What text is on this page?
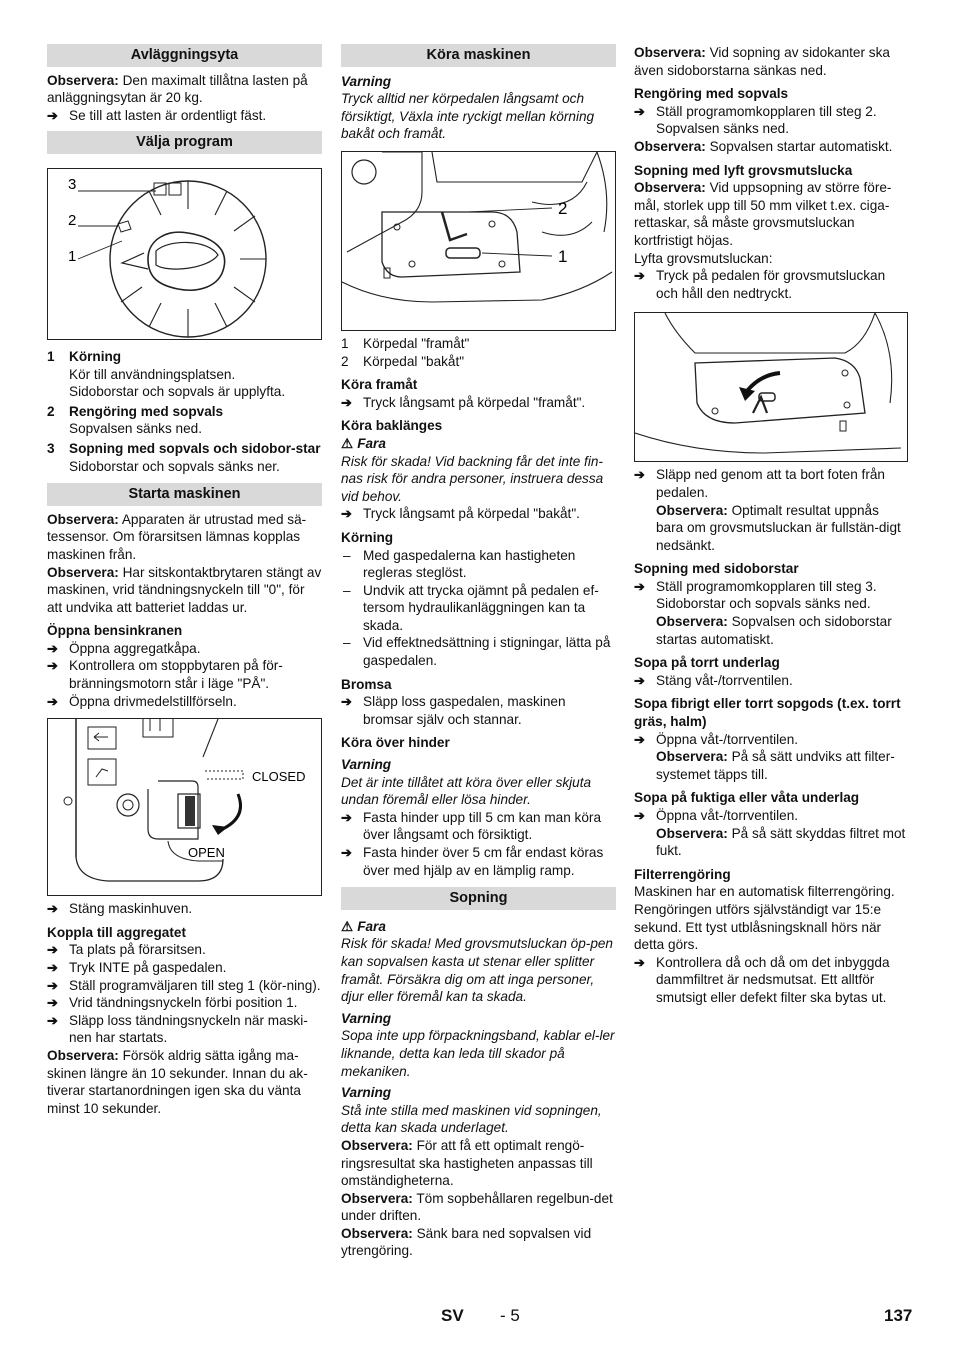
Avläggningsyta

Observera: Den maximalt tillåtna lasten på anläggningsytan är 20 kg.

➔ Se till att lasten är ordentligt fäst.

Välja program
3
2
1

1 Körning

Kör till användningsplatsen.

Sidoborstar och sopvals är upplyfta.

2 Rengöring med sopvals

Sopvalsen sänks ned.

3 Sopning med sopvals och sidobor-star

Sidoborstar och sopvals sänks ner.

Starta maskinen

Observera: Apparaten är utrustad med sä-tessensor. Om förarsitsen lämnas kopplas maskinen från.

Observera: Har sitskontaktbrytaren stängt av maskinen, vrid tändningsnyckeln till "0", för att undvika att batteriet laddas ur.

Öppna bensinkranen

➔ Öppna aggregatkåpa.

➔ Kontrollera om stoppbytaren på för-bränningsmotorn står i läge "PÅ".

➔ Öppna drivmedelstillförseln.

CLOSED
OPEN

➔ Stäng maskinhuven.

Koppla till aggregatet

➔ Ta plats på förarsitsen.

➔ Tryk INTE på gaspedalen.

➔ Ställ programväljaren till steg 1 (kör-ning).

➔ Vrid tändningsnyckeln förbi position 1.

➔ Släpp loss tändningsnyckeln när maski-nen har startats.

Observera: Försök aldrig sätta igång ma-skinen längre än 10 sekunder. Innan du ak-tiverar startanordningen igen ska du vänta minst 10 sekunder.

Köra maskinen

Varning

Tryck alltid ner körpedalen långsamt och försiktigt, Växla inte ryckigt mellan körning bakåt och framåt.

2
1

1 Körpedal "framåt"

2 Körpedal "bakåt"

Köra framåt

➔ Tryck långsamt på körpedal "framåt".

Köra baklänges

⚠ Fara

Risk för skada! Vid backning får det inte fin-nas risk för andra personer, instruera dessa vid behov.

➔ Tryck långsamt på körpedal "bakåt".

Körning

– Med gaspedalerna kan hastigheten regleras steglöst.

– Undvik att trycka ojämnt på pedalen ef-tersom hydraulikanläggningen kan ta skada.

– Vid effektnedsättning i stigningar, lätta på gaspedalen.

Bromsa

➔ Släpp loss gaspedalen, maskinen bromsar själv och stannar.

Köra över hinder

Varning

Det är inte tillåtet att köra över eller skjuta undan föremål eller lösa hinder.

➔ Fasta hinder upp till 5 cm kan man köra över långsamt och försiktigt.

➔ Fasta hinder över 5 cm får endast köras över med hjälp av en lämplig ramp.

Sopning

⚠ Fara

Risk för skada! Med grovsmutsluckan öp-pen kan sopvalsen kasta ut stenar eller splitter framåt. Försäkra dig om att inga personer, djur eller föremål kan ta skada.

Varning

Sopa inte upp förpackningsband, kablar el-ler liknande, detta kan leda till skador på mekaniken.

Varning

Stå inte stilla med maskinen vid sopningen, detta kan skada underlaget.

Observera: För att få ett optimalt rengö-ringsresultat ska hastigheten anpassas till omständigheterna.

Observera: Töm sopbehållaren regelbun-det under driften.

Observera: Sänk bara ned sopvalsen vid ytrengöring.

Observera: Vid sopning av sidokanter ska även sidoborstarna sänkas ned.

Rengöring med sopvals

➔ Ställ programomkopplaren till steg 2. Sopvalsen sänks ned.

Observera: Sopvalsen startar automatiskt.

Sopning med lyft grovsmutslucka

Observera: Vid uppsopning av större före-mål, storlek upp till 50 mm vilket t.ex. ciga-rettaskar, så måste grovsmutsluckan kortfristigt höjas.

Lyfta grovsmutsluckan:

➔ Tryck på pedalen för grovsmutsluckan och håll den nedtryckt.

➔ Släpp ned genom att ta bort foten från pedalen.

Observera: Optimalt resultat uppnås bara om grovsmutsluckan är fullstän-digt nedsänkt.

Sopning med sidoborstar

➔ Ställ programomkopplaren till steg 3. Sidoborstar och sopvals sänks ned.

Observera: Sopvalsen och sidoborstar startas automatiskt.

Sopa på torrt underlag

➔ Stäng våt-/torrventilen.

Sopa fibrigt eller torrt sopgods (t.ex. torrt gräs, halm)

➔ Öppna våt-/torrventilen.

Observera: På så sätt undviks att filter-systemet täpps till.

Sopa på fuktiga eller våta underlag

➔ Öppna våt-/torrventilen.

Observera: På så sätt skyddas filtret mot fukt.

Filterrengöring

Maskinen har en automatisk filterrengöring. Rengöringen utförs självständigt var 15:e sekund. Ett tyst utblåsningsknall hörs när detta görs.

➔ Kontrollera då och då om det inbyggda dammfiltret är nedsmutsat. Ett alltför smutsigt eller defekt filter ska bytas ut.

SV - 5	137
